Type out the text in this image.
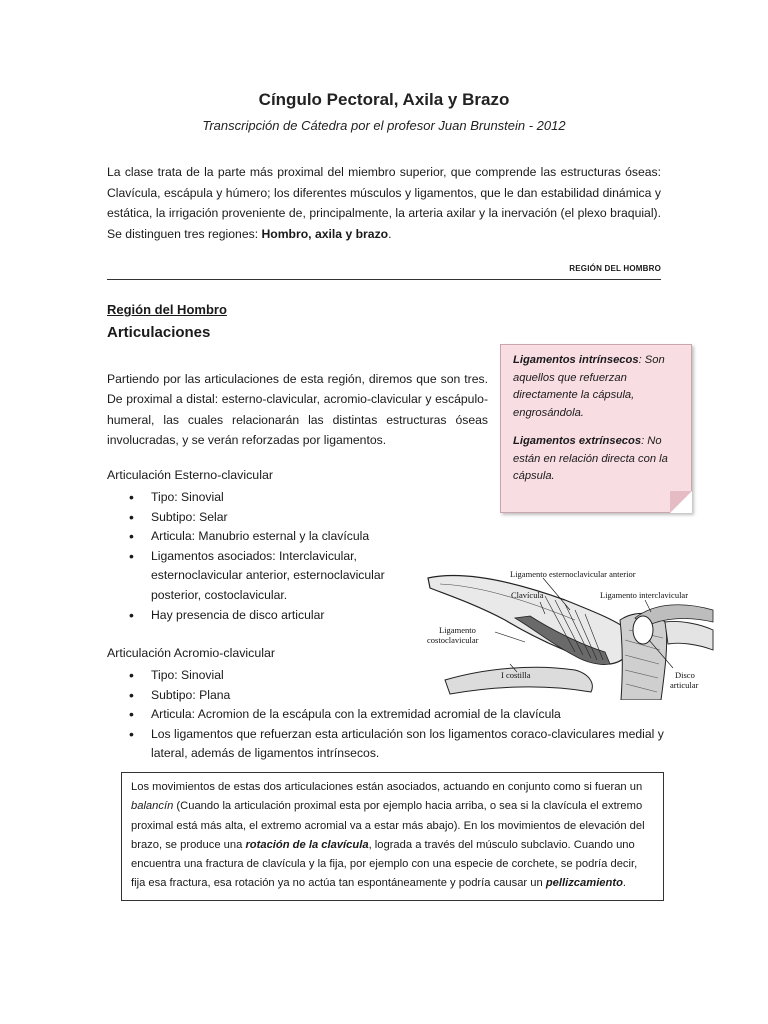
Cíngulo Pectoral, Axila y Brazo
Transcripción de Cátedra por el profesor Juan Brunstein - 2012
La clase trata de la parte más proximal del miembro superior, que comprende las estructuras óseas: Clavícula, escápula y húmero; los diferentes músculos y ligamentos, que le dan estabilidad dinámica y estática, la irrigación proveniente de, principalmente, la arteria axilar y la inervación (el plexo braquial). Se distinguen tres regiones: Hombro, axila y brazo.
REGIÓN DEL HOMBRO
Región del Hombro
Articulaciones
Partiendo por las articulaciones de esta región, diremos que son tres. De proximal a distal: esterno-clavicular, acromio-clavicular y escápulo-humeral, las cuales relacionarán las distintas estructuras óseas involucradas, y se verán reforzadas por ligamentos.

Ligamentos intrínsecos: Son aquellos que refuerzan directamente la cápsula, engrosándola.

Ligamentos extrínsecos: No están en relación directa con la cápsula.

Articulación Esterno-clavicular
• Tipo: Sinovial
• Subtipo: Selar
• Articula: Manubrio esternal y la clavícula
• Ligamentos asociados: Interclavicular, esternoclavicular anterior, esternoclavicular posterior, costoclavicular.
• Hay presencia de disco articular
Ligamento esternoclavicular anterior
Clavícula	Ligamento interclavicular
Ligamento
costoclavicular
I costilla	Disco
articular
Articulación Acromio-clavicular
• Tipo: Sinovial
• Subtipo: Plana
• Articula: Acromion de la escápula con la extremidad acromial de la clavícula
• Los ligamentos que refuerzan esta articulación son los ligamentos coraco-claviculares medial y lateral, además de ligamentos intrínsecos.
Los movimientos de estas dos articulaciones están asociados, actuando en conjunto como si fueran un balancín (Cuando la articulación proximal esta por ejemplo hacia arriba, o sea si la clavícula el extremo proximal está más alta, el extremo acromial va a estar más abajo). En los movimientos de elevación del brazo, se produce una rotación de la clavícula, lograda a través del músculo subclavio. Cuando uno encuentra una fractura de clavícula y la fija, por ejemplo con una especie de corchete, se podría decir, fija esa fractura, esa rotación ya no actúa tan espontáneamente y podría causar un pellizcamiento.
